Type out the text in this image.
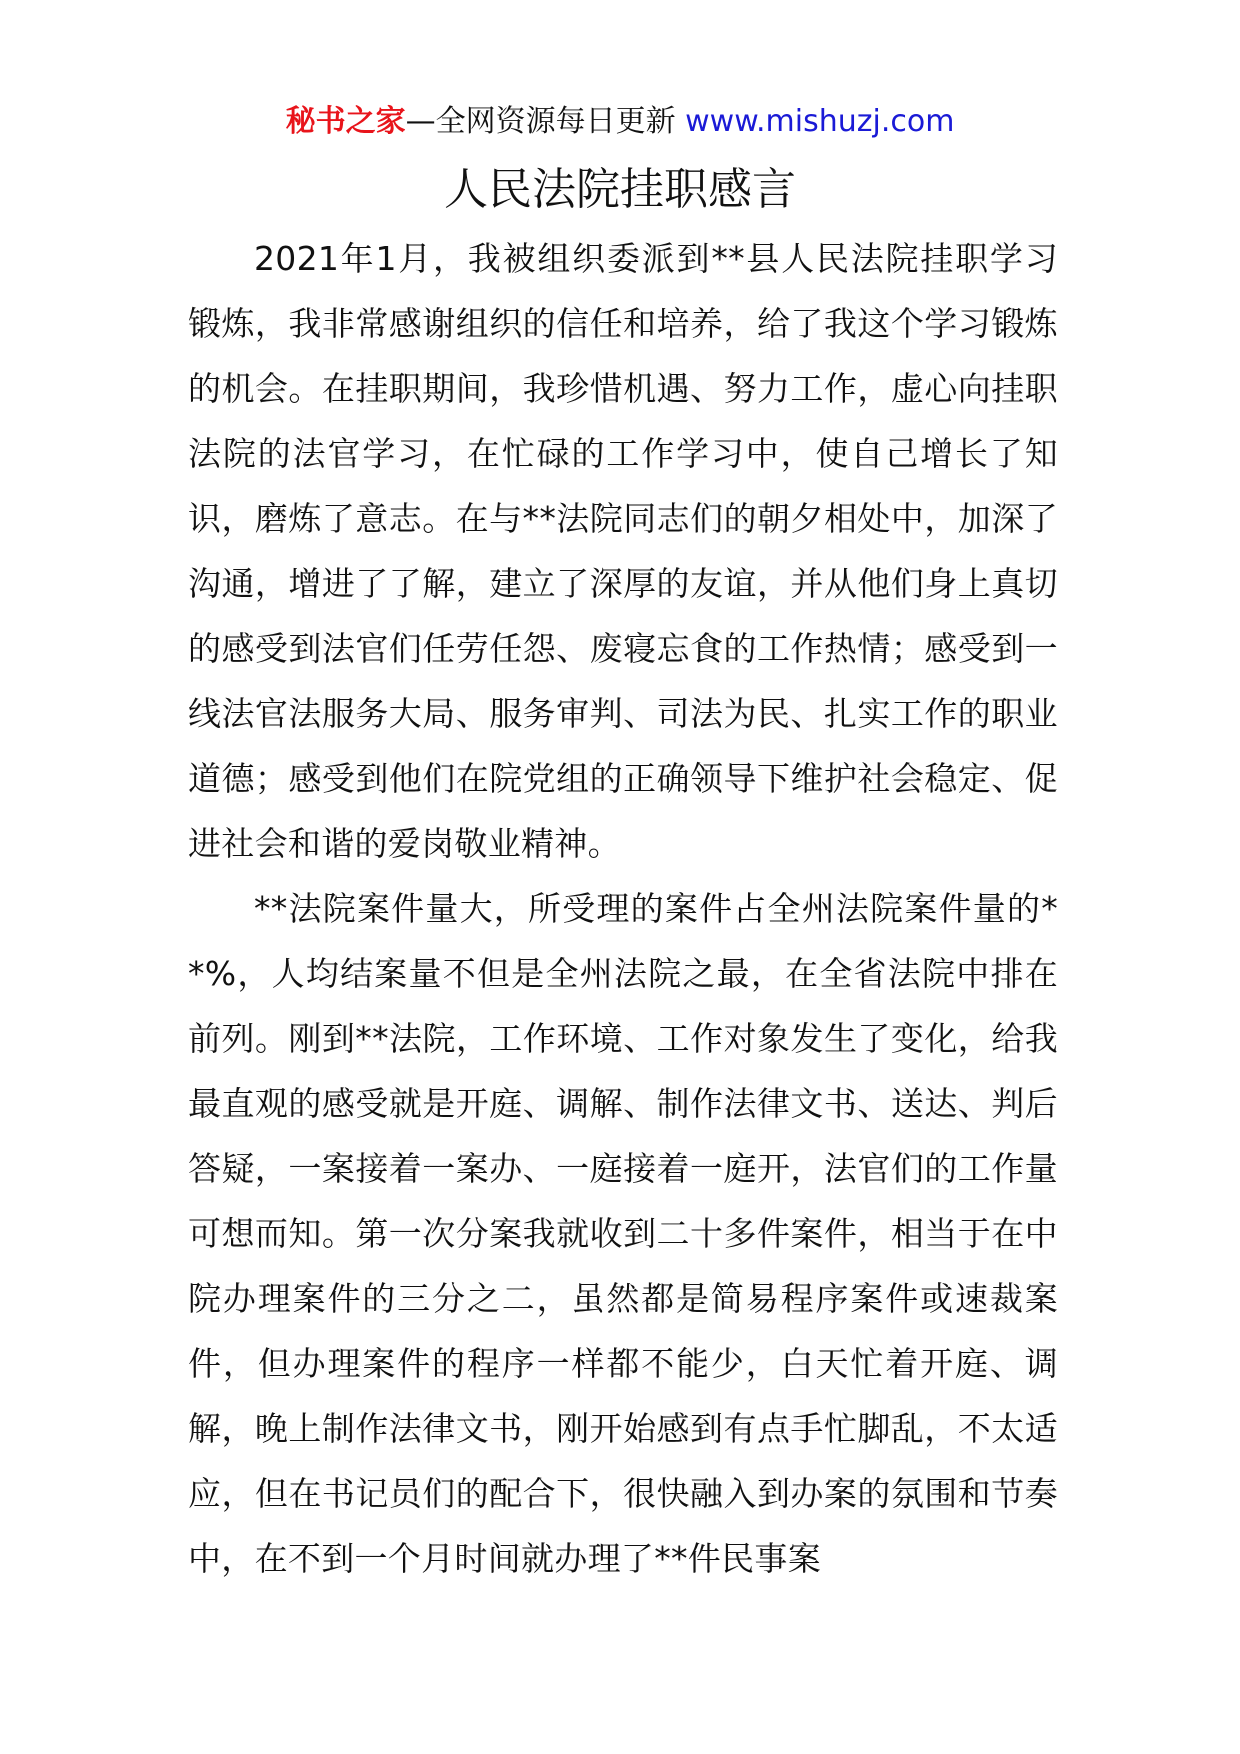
秘书之家—全网资源每日更新 www.mishuzj.com
人民法院挂职感言

2021年1月，我被组织委派到**县人民法院挂职学习锻炼，我非常感谢组织的信任和培养，给了我这个学习锻炼的机会。在挂职期间，我珍惜机遇、努力工作，虚心向挂职法院的法官学习，在忙碌的工作学习中，使自己增长了知识，磨炼了意志。在与**法院同志们的朝夕相处中，加深了沟通，增进了了解，建立了深厚的友谊，并从他们身上真切的感受到法官们任劳任怨、废寝忘食的工作热情；感受到一线法官法服务大局、服务审判、司法为民、扎实工作的职业道德；感受到他们在院党组的正确领导下维护社会稳定、促进社会和谐的爱岗敬业精神。

**法院案件量大，所受理的案件占全州法院案件量的**%，人均结案量不但是全州法院之最，在全省法院中排在前列。刚到**法院，工作环境、工作对象发生了变化，给我最直观的感受就是开庭、调解、制作法律文书、送达、判后答疑，一案接着一案办、一庭接着一庭开，法官们的工作量可想而知。第一次分案我就收到二十多件案件，相当于在中院办理案件的三分之二，虽然都是简易程序案件或速裁案件，但办理案件的程序一样都不能少，白天忙着开庭、调解，晚上制作法律文书，刚开始感到有点手忙脚乱，不太适应，但在书记员们的配合下，很快融入到办案的氛围和节奏中，在不到一个月时间就办理了**件民事案
